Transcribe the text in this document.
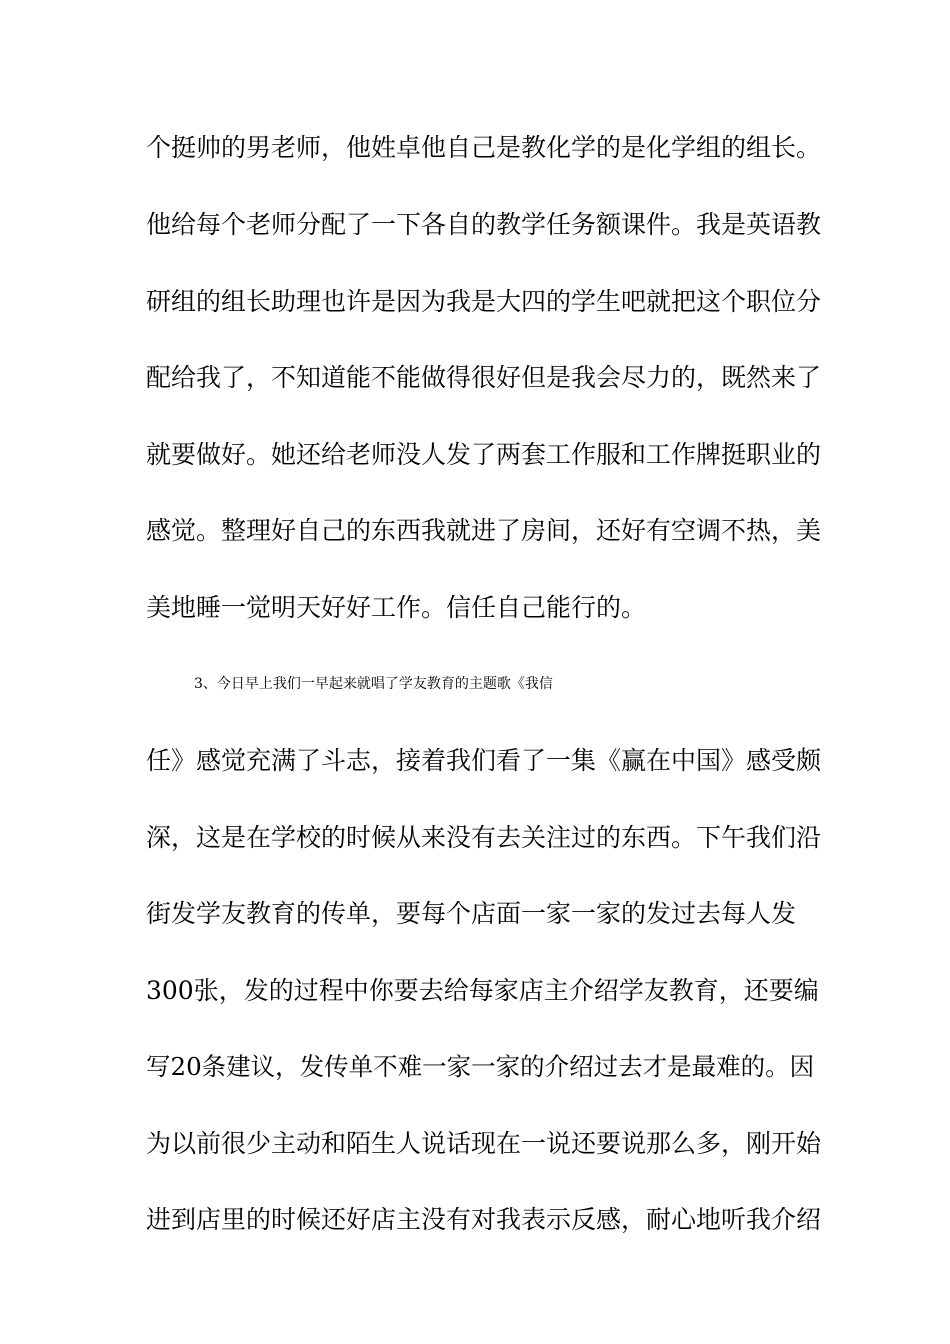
个挺帅的男老师，他姓卓他自己是教化学的是化学组的组长。
他给每个老师分配了一下各自的教学任务额课件。我是英语教
研组的组长助理也许是因为我是大四的学生吧就把这个职位分
配给我了，不知道能不能做得很好但是我会尽力的，既然来了
就要做好。她还给老师没人发了两套工作服和工作牌挺职业的
感觉。整理好自己的东西我就进了房间，还好有空调不热，美
美地睡一觉明天好好工作。信任自己能行的。
3、今日早上我们一早起来就唱了学友教育的主题歌《我信
任》感觉充满了斗志，接着我们看了一集《赢在中国》感受颇
深，这是在学校的时候从来没有去关注过的东西。下午我们沿
街发学友教育的传单，要每个店面一家一家的发过去每人发
300张，发的过程中你要去给每家店主介绍学友教育，还要编
写20条建议，发传单不难一家一家的介绍过去才是最难的。因
为以前很少主动和陌生人说话现在一说还要说那么多，刚开始
进到店里的时候还好店主没有对我表示反感，耐心地听我介绍
